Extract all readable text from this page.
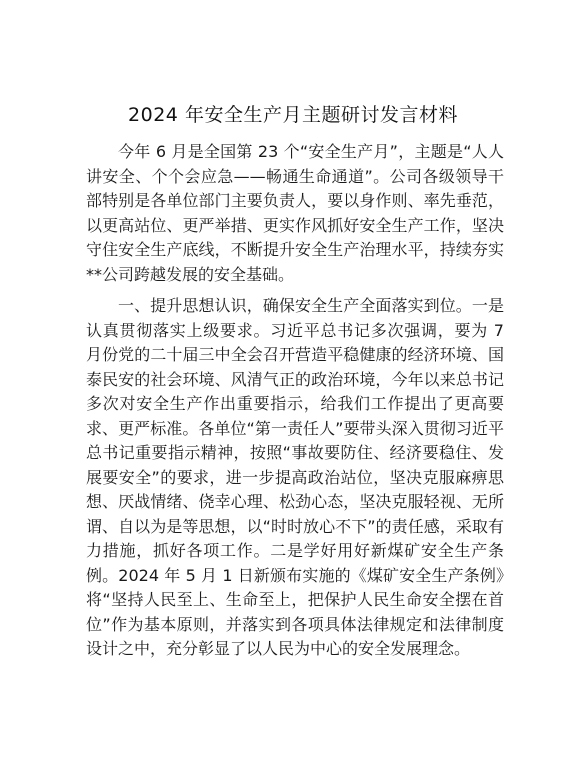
2024 年安全生产月主题研讨发言材料

今年 6 月是全国第 23 个“安全生产月”，主题是“人人讲安全、个个会应急——畅通生命通道”。公司各级领导干部特别是各单位部门主要负责人，要以身作则、率先垂范，以更高站位、更严举措、更实作风抓好安全生产工作，坚决守住安全生产底线，不断提升安全生产治理水平，持续夯实**公司跨越发展的安全基础。

一、提升思想认识，确保安全生产全面落实到位。一是认真贯彻落实上级要求。习近平总书记多次强调，要为 7 月份党的二十届三中全会召开营造平稳健康的经济环境、国泰民安的社会环境、风清气正的政治环境，今年以来总书记多次对安全生产作出重要指示，给我们工作提出了更高要求、更严标准。各单位“第一责任人”要带头深入贯彻习近平总书记重要指示精神，按照“事故要防住、经济要稳住、发展要安全”的要求，进一步提高政治站位，坚决克服麻痹思想、厌战情绪、侥幸心理、松劲心态，坚决克服轻视、无所谓、自以为是等思想，以“时时放心不下”的责任感，采取有力措施，抓好各项工作。二是学好用好新煤矿安全生产条例。2024 年 5 月 1 日新颁布实施的《煤矿安全生产条例》将“坚持人民至上、生命至上，把保护人民生命安全摆在首位”作为基本原则，并落实到各项具体法律规定和法律制度设计之中，充分彰显了以人民为中心的安全发展理念。
